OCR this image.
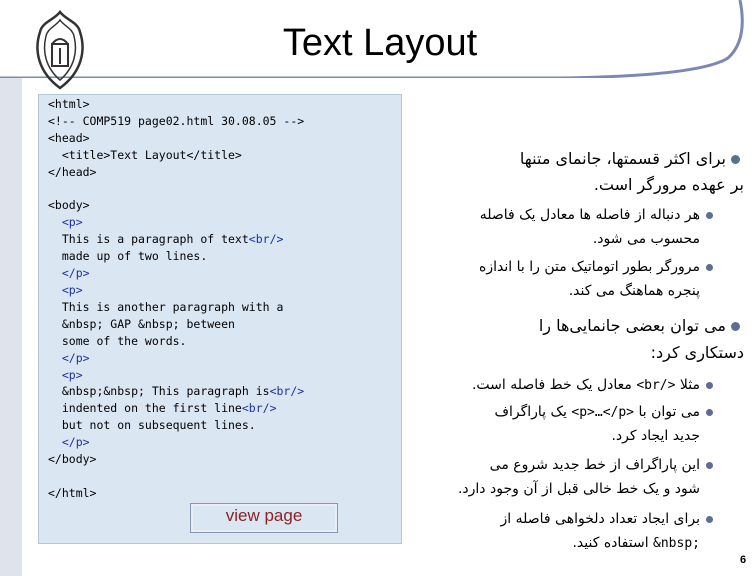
Text Layout
<html>
<!-- COMP519 page02.html 30.08.05 -->
<head>
<title>Text Layout</title>
</head>

<body>
<p>
This is a paragraph of text<br/>
made up of two lines.
</p>
<p>
This is another paragraph with a
&nbsp; GAP &nbsp; between
some of the words.
</p>
<p>
&nbsp;&nbsp; This paragraph is<br/>
indented on the first line<br/>
but not on subsequent lines.
</p>
</body>

</html>
view page
برای اکثر قسمتها، جانمای متنها
بر عهده مرورگر است.
هر دنباله از فاصله ها معادل یک فاصله
محسوب می شود.
مرورگر بطور اتوماتیک متن را با اندازه
پنجره هماهنگ می کند.
می توان بعضی جانمایی‌ها را
دستکاری کرد:
مثلا <br/> معادل یک خط فاصله است.
می توان با <p>…</p> یک پاراگراف
جدید ایجاد کرد.
این پاراگراف از خط جدید شروع می
شود و یک خط خالی قبل از آن وجود دارد.
برای ایجاد تعداد دلخواهی فاصله از
&nbsp; استفاده کنید.
6
